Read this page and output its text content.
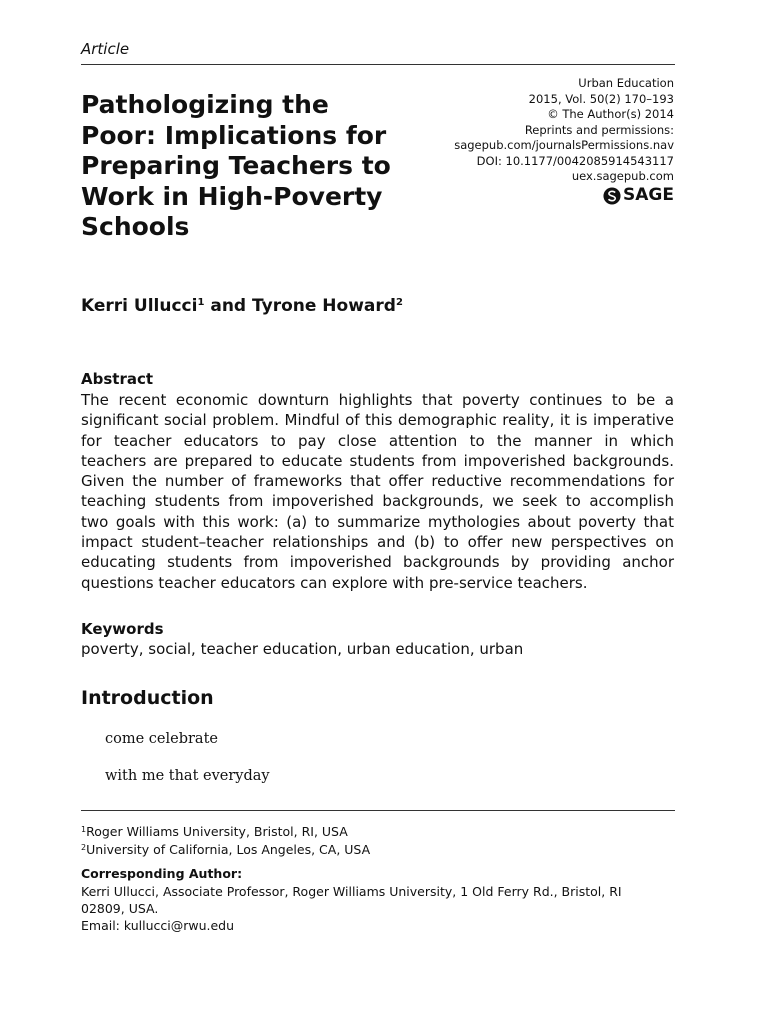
Article
Pathologizing the
Poor: Implications for
Preparing Teachers to
Work in High-Poverty
Schools
Urban Education
2015, Vol. 50(2) 170–193
© The Author(s) 2014
Reprints and permissions:
sagepub.com/journalsPermissions.nav
DOI: 10.1177/0042085914543117
uex.sagepub.com
SAGE
Kerri Ullucci$^1$ and Tyrone Howard$^2$
Abstract
The recent economic downturn highlights that poverty continues to be a
significant social problem. Mindful of this demographic reality, it is imperative
for teacher educators to pay close attention to the manner in which
teachers are prepared to educate students from impoverished backgrounds.
Given the number of frameworks that offer reductive recommendations for
teaching students from impoverished backgrounds, we seek to accomplish
two goals with this work: (a) to summarize mythologies about poverty that
impact student–teacher relationships and (b) to offer new perspectives on
educating students from impoverished backgrounds by providing anchor
questions teacher educators can explore with pre-service teachers.
Keywords
poverty, social, teacher education, urban education, urban
Introduction
come celebrate
with me that everyday
$^1$Roger Williams University, Bristol, RI, USA
$^2$University of California, Los Angeles, CA, USA
Corresponding Author:
Kerri Ullucci, Associate Professor, Roger Williams University, 1 Old Ferry Rd., Bristol, RI
02809, USA.
Email: kullucci@rwu.edu
